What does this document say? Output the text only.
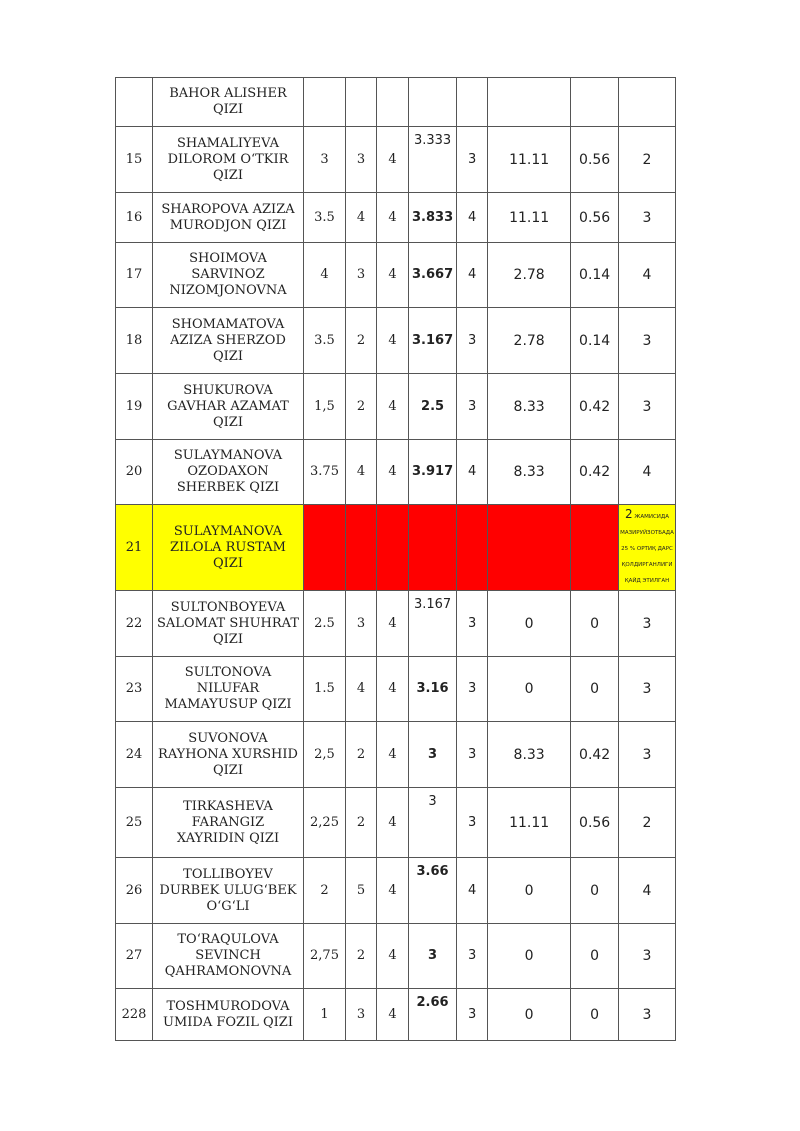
	BAHOR ALISHER QIZI								
15	SHAMALIYEVA DILOROM O‘TKIR QIZI	3	3	4	3.333	3	11.11	0.56	2
16	SHAROPOVA AZIZA MURODJON QIZI	3.5	4	4	3.833	4	11.11	0.56	3
17	SHOIMOVA SARVINOZ NIZOMJONOVNA	4	3	4	3.667	4	2.78	0.14	4
18	SHOMAMATOVA AZIZA SHERZOD QIZI	3.5	2	4	3.167	3	2.78	0.14	3
19	SHUKUROVA GAVHAR AZAMAT QIZI	1,5	2	4	2.5	3	8.33	0.42	3
20	SULAYMANOVA OZODAXON SHERBEK QIZI	3.75	4	4	3.917	4	8.33	0.42	4
21	SULAYMANOVA ZILOLA RUSTAM QIZI								2 ЖАМИСИДА МАЗИРУЙЗОТБАДА 25 % ОРТИҚ ДАРС ҚОЛДИРГАНЛИГИ ҚАЙД ЭТИЛГАН
22	SULTONBOYEVA SALOMAT SHUHRAT QIZI	2.5	3	4	3.167	3	0	0	3
23	SULTONOVA NILUFAR MAMAYUSUP QIZI	1.5	4	4	3.16	3	0	0	3
24	SUVONOVA RAYHONA XURSHID QIZI	2,5	2	4	3	3	8.33	0.42	3
25	TIRKASHEVA FARANGIZ XAYRIDIN QIZI	2,25	2	4	3	3	11.11	0.56	2
26	TOLLIBOYEV DURBEK ULUG‘BEK O‘G‘LI	2	5	4	3.66	4	0	0	4
27	TO‘RAQULOVA SEVINCH QAHRAMONOVNA	2,75	2	4	3	3	0	0	3
228	TOSHMURODOVA UMIDA FOZIL QIZI	1	3	4	2.66	3	0	0	3
